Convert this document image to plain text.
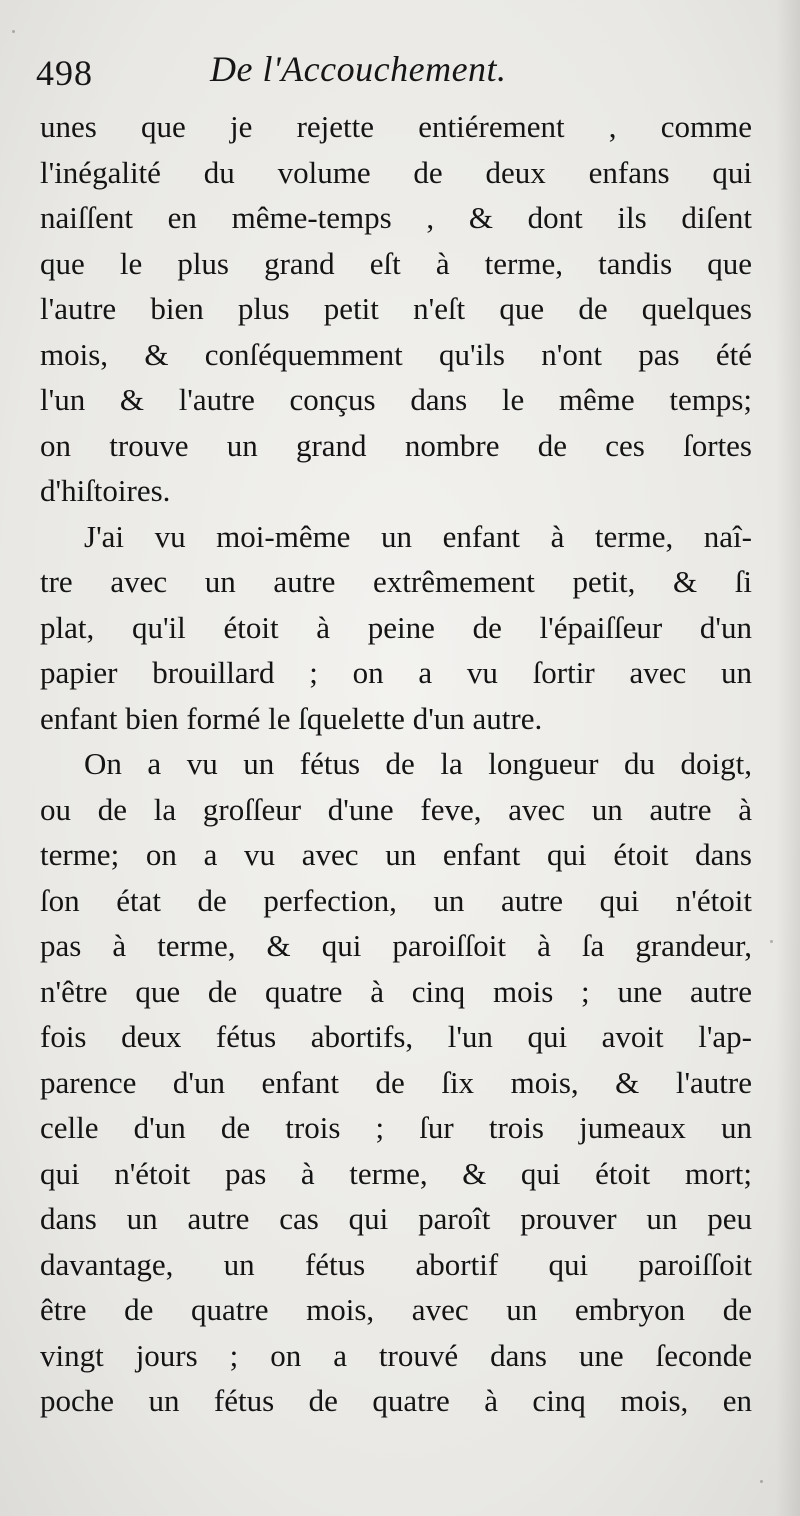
498	De l'Accouchement.
unes que je rejette entiérement , comme
l'inégalité du volume de deux enfans qui
naiſſent en même-temps , & dont ils diſent
que le plus grand eſt à terme, tandis que
l'autre bien plus petit n'eſt que de quelques
mois, & conſéquemment qu'ils n'ont pas été
l'un & l'autre conçus dans le même temps;
on trouve un grand nombre de ces ſortes
d'hiſtoires.
J'ai vu moi-même un enfant à terme, naî-
tre avec un autre extrêmement petit, & ſi
plat, qu'il étoit à peine de l'épaiſſeur d'un
papier brouillard ; on a vu ſortir avec un
enfant bien formé le ſquelette d'un autre.
On a vu un fétus de la longueur du doigt,
ou de la groſſeur d'une feve, avec un autre à
terme; on a vu avec un enfant qui étoit dans
ſon état de perfection, un autre qui n'étoit
pas à terme, & qui paroiſſoit à ſa grandeur,
n'être que de quatre à cinq mois ; une autre
fois deux fétus abortifs, l'un qui avoit l'ap-
parence d'un enfant de ſix mois, & l'autre
celle d'un de trois ; ſur trois jumeaux un
qui n'étoit pas à terme, & qui étoit mort;
dans un autre cas qui paroît prouver un peu
davantage, un fétus abortif qui paroiſſoit
être de quatre mois, avec un embryon de
vingt jours ; on a trouvé dans une ſeconde
poche un fétus de quatre à cinq mois, en
